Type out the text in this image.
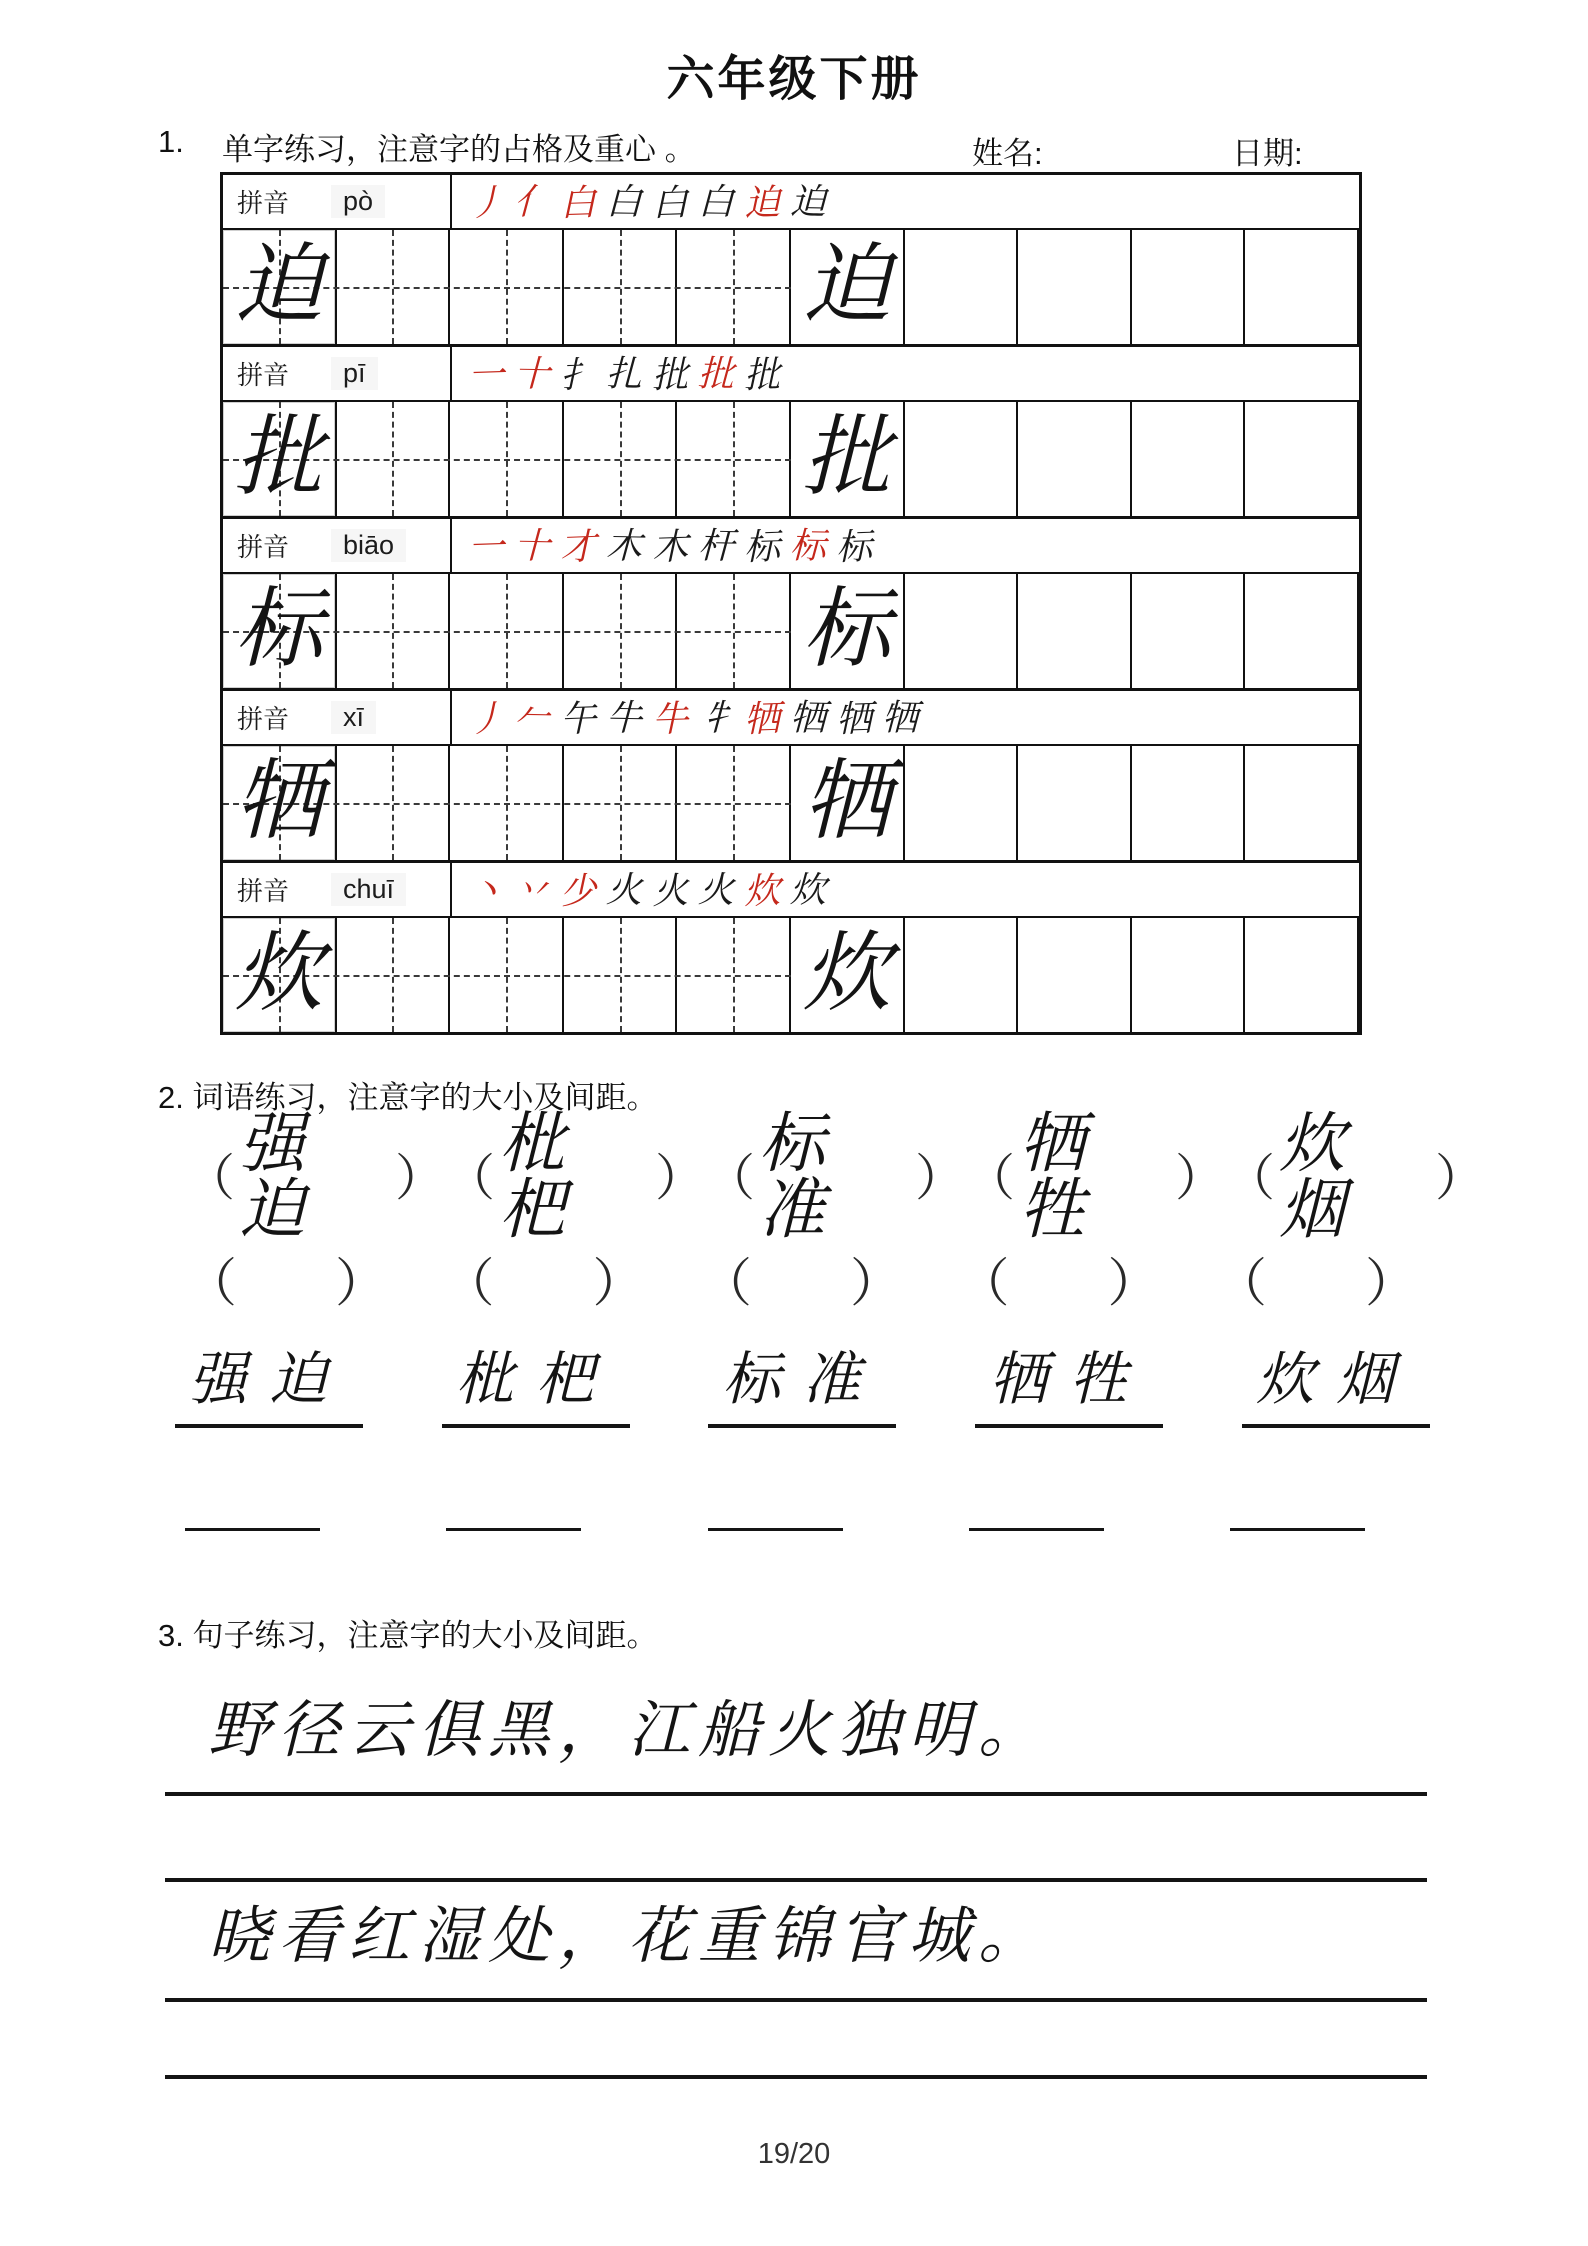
六年级下册
1. 单字练习，注意字的占格及重心 。	姓名:	日期:
拼音	pò	丿 亻 白 白 白 白 迫 迫
迫	迫
拼音	pī	一 十 扌 扎 批 批 批
批	批
拼音	biāo	一 十 才 木 木 杆 标 标 标
标	标
拼音	xī	丿 𠂉 午 牛 牛 牜 牺 牺 牺 牺
牺	牺
拼音	chuī	丶 丷 少 火 火 火 炊 炊
炊	炊
2. 词语练习，注意字的大小及间距。
（ 强迫	） （ 枇杷	） （ 标准	） （ 牺牲	） （ 炊烟	）
（ ） （ ） （ ） （ ） （ ）
强迫 枇杷 标准 牺牲 炊烟
3. 句子练习，注意字的大小及间距。
野径云俱黑，江船火独明。
晓看红湿处，花重锦官城。
19/20
